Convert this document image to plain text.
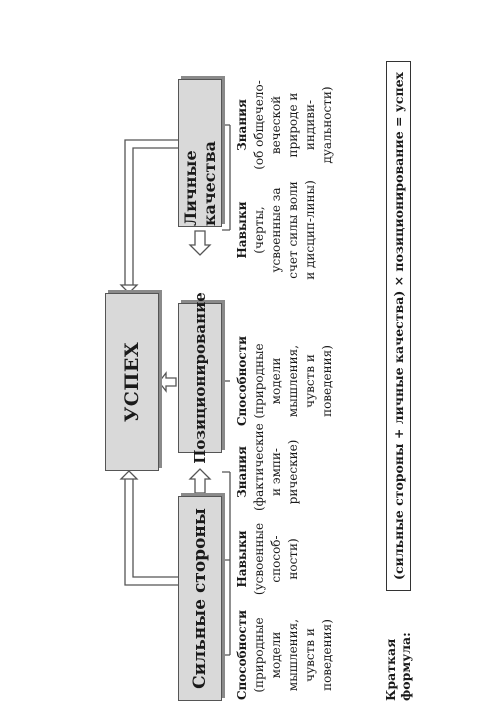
УСПЕХ
Сильные стороны
Позиционирование
Личные качества
Способности (природные модели мышления, чувств и поведения)
Навыки (усвоенные способ-ности)
Знания (фактические и эмпи-рические)
Способности (природные модели мышления, чувств и поведения)
Навыки (черты, усвоенные за счет силы воли и дисцип-лины)
Знания (об общечело-веческой природе и индиви-дуальности)
Краткая формула:
(сильные стороны + личные качества) × позиционирование = успех
